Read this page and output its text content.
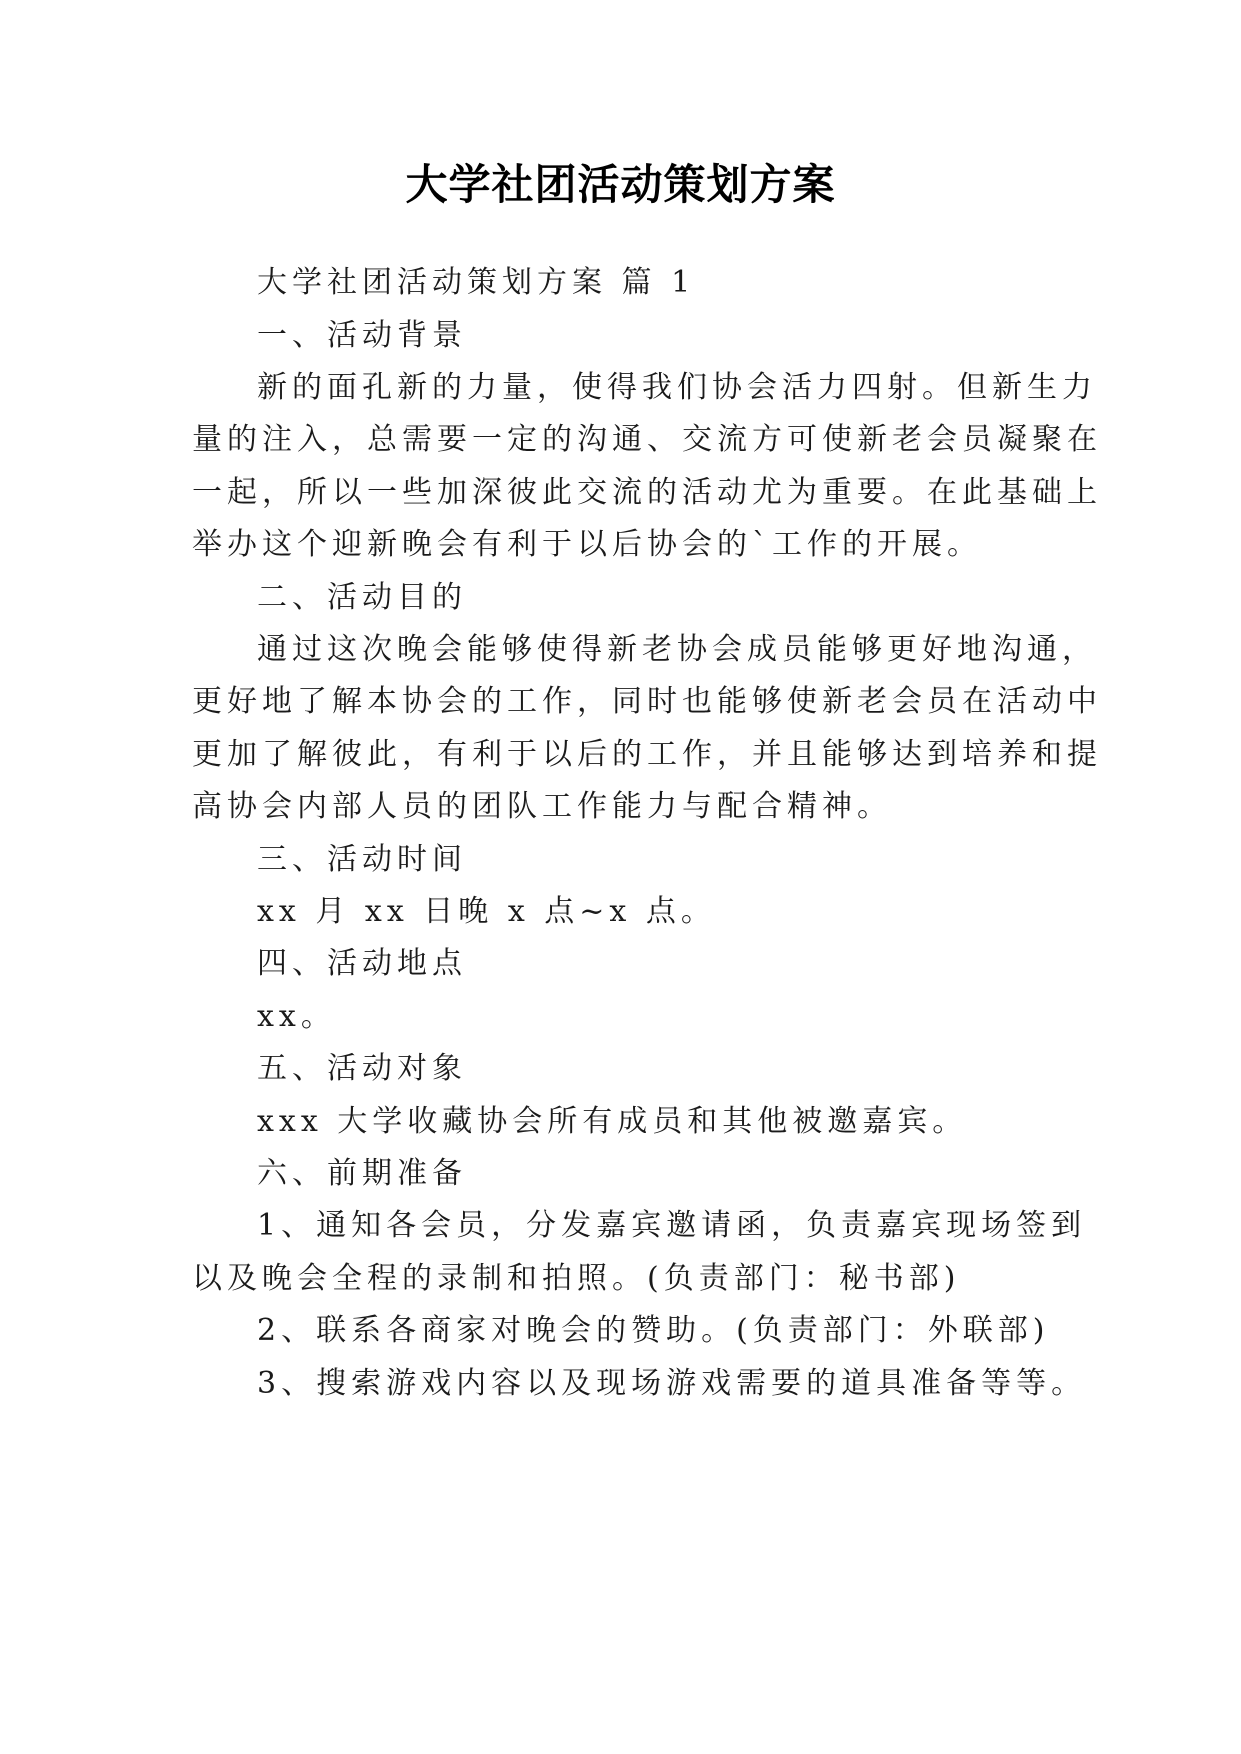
大学社团活动策划方案
大学社团活动策划方案 篇 1
一、活动背景
新的面孔新的力量，使得我们协会活力四射。但新生力
量的注入，总需要一定的沟通、交流方可使新老会员凝聚在
一起，所以一些加深彼此交流的活动尤为重要。在此基础上
举办这个迎新晚会有利于以后协会的`工作的开展。
二、活动目的
通过这次晚会能够使得新老协会成员能够更好地沟通，
更好地了解本协会的工作，同时也能够使新老会员在活动中
更加了解彼此，有利于以后的工作，并且能够达到培养和提
高协会内部人员的团队工作能力与配合精神。
三、活动时间
xx 月 xx 日晚 x 点~x 点。
四、活动地点
xx。
五、活动对象
xxx 大学收藏协会所有成员和其他被邀嘉宾。
六、前期准备
1、通知各会员，分发嘉宾邀请函，负责嘉宾现场签到
以及晚会全程的录制和拍照。(负责部门：秘书部)
2、联系各商家对晚会的赞助。(负责部门：外联部)
3、搜索游戏内容以及现场游戏需要的道具准备等等。
